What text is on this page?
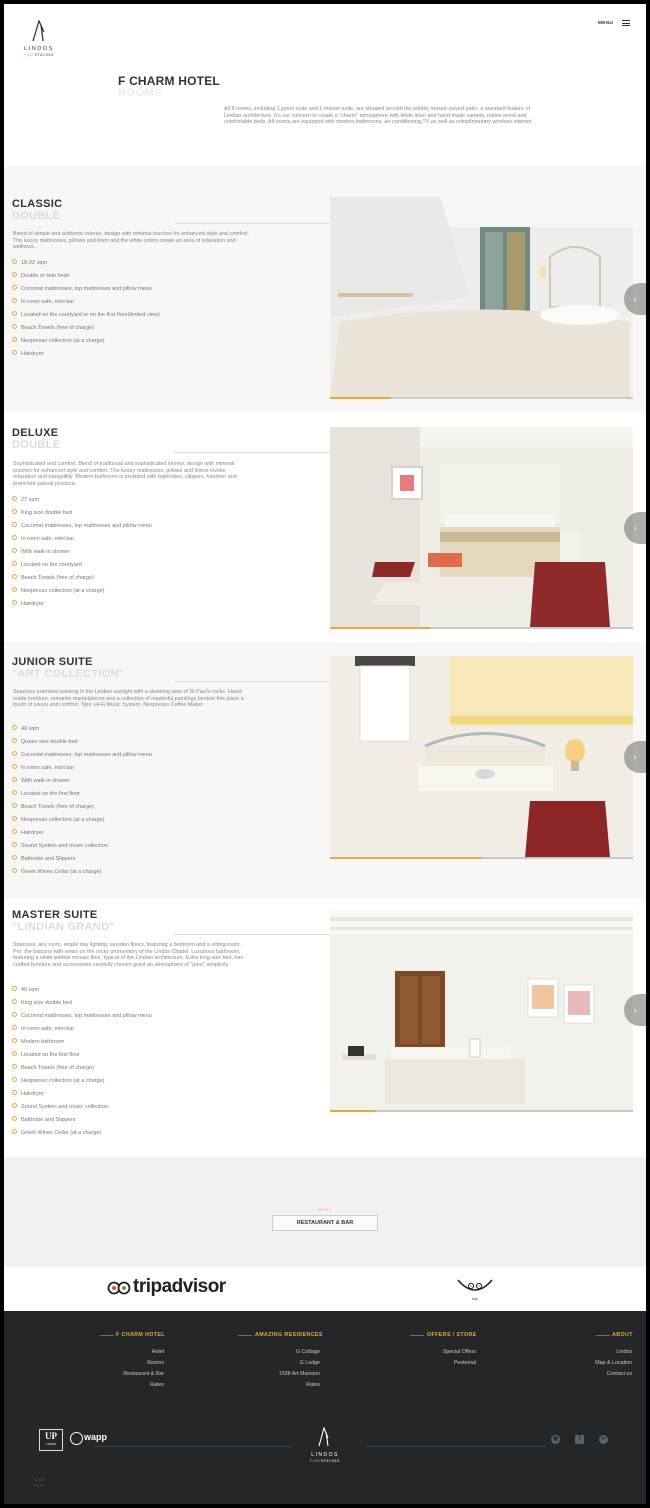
LINDOS
FINESTAYING
MENU
F CHARM HOTEL
ROOMS
All 8 rooms, including 1 junior suite and 1 master suite, are situated around the pebbly mosaic-paved patio, a standard feature of Lindian architecture. It's our concern to create a "charm" atmosphere with white linen and hand made carpets, native wood and comfortable beds. All rooms are equipped with modern bathrooms, air-conditioning,TV as well as complimentary wireless internet.
CLASSIC
DOUBLE
Blend of simple and authentic interior, design with minimal touches for enhanced style and comfort. The luxury mattresses, pillows and linen and the white colors create an aura of relaxation and wellness.
18-22 sqm
Double or twin beds
Cocomat mattresses, top mattresses and pillow menu
In room safe, mini bar
Located on the courtyard or on the first floor(limited view)
Beach Towels (free of charge)
Nespresso collection (at a charge)
Hairdryer
›
DELUXE
DOUBLE
Sophisticated and comfort. Blend of traditional and sophisticated interior, design with minimal touches for enhanced style and comfort. The luxury mattresses, pillows and linens invoke relaxation and tranquillity. Modern bathroom is provided with bathrobes, slippers, hairdrier and branched natural products.
27 sqm
King size double bed
Cocomat mattresses, top mattresses and pillow menu
In room safe, mini bar
With walk-in shower
Located on the courtyard
Beach Towels (free of charge)
Nespresso collection (at a charge)
Hairdryer
›
JUNIOR SUITE
"ART COLLECTION"
Spacious premises basking in the Lindian sunlight with a stunning view of St Paul's rocks. Hand-made furniture, romantic mantelpieces and a collection of masterful paintings bestow this place a touch of luxury and comfort. Tips: Hi-Fi Music System, Nespresso Coffee Maker.
40 sqm
Queen size double bed
Cocomat mattresses, top mattresses and pillow menu
In room safe, mini bar
With walk-in shower
Located on the first floor
Beach Towels (free of charge)
Nespresso collection (at a charge)
Hairdryer
Sound System and music collection
Bathrobe and Slippers
Greek Wines Cellar (at a charge)
›
MASTER SUITE
"LINDIAN GRAND"
Spacious, airy room, ample day lighting, wooden floors, featuring a bedroom and a sitting-room. Pro: the balcony with views on the rocky promontory of the Lindos Citadel. Luxurious bathroom, featuring a white-pebble mosaic floor, typical of the Lindian architecture. Extra king-size bed, han crafted furniture and accessories carefully chosen grant an atmosphere of "pure" simplicity.
40 sqm
King size double bed
Cocomat mattresses, top mattresses and pillow menu
In room safe, mini bar
Modern bathroom
Located on the first floor
Beach Towels (free of charge)
Nespresso collection (at a charge)
Hairdryer
Sound System and music collection
Bathrobe and Slippers
Greek Wines Cellar (at a charge)
›
NEXT
RESTAURANT & BAR
tripadvisor
trip
F CHARM HOTEL
Hotel
Rooms
Restaurant & Bar
Rates
AMAZING RESIDENCES
G Cottage
G Lodge
1938 Art Mansion
Rates
OFFERS / STORE
Special Offers
Pestemal
ABOUT
Lindos
Map & Location
Contact us
UP
LIVING
wapp
LINDOS
FINESTAYING
◉	f	∞
© 2017
F.C.H.
